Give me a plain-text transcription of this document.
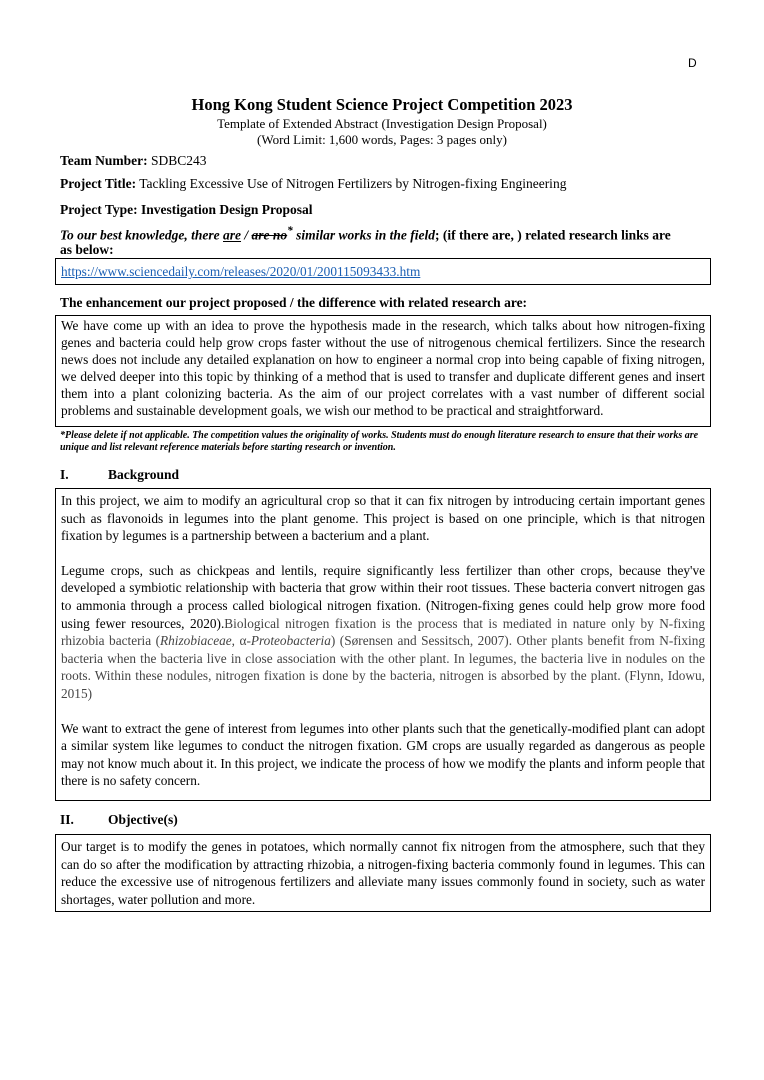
D
Hong Kong Student Science Project Competition 2023
Template of Extended Abstract (Investigation Design Proposal)
(Word Limit: 1,600 words, Pages: 3 pages only)
Team Number: SDBC243
Project Title: Tackling Excessive Use of Nitrogen Fertilizers by Nitrogen-fixing Engineering
Project Type: Investigation Design Proposal
To our best knowledge, there are / are no* similar works in the field; (if there are, ) related research links are
as below:
https://www.sciencedaily.com/releases/2020/01/200115093433.htm
The enhancement our project proposed / the difference with related research are:

We have come up with an idea to prove the hypothesis made in the research, which talks about how nitrogen-fixing genes and bacteria could help grow crops faster without the use of nitrogenous chemical fertilizers. Since the research news does not include any detailed explanation on how to engineer a normal crop into being capable of fixing nitrogen, we delved deeper into this topic by thinking of a method that is used to transfer and duplicate different genes and insert them into a plant colonizing bacteria. As the aim of our project correlates with a vast number of different social problems and sustainable development goals, we wish our method to be practical and straightforward.

*Please delete if not applicable. The competition values the originality of works. Students must do enough literature research to ensure that their works are unique and list relevant reference materials before starting research or invention.
I.	Background

In this project, we aim to modify an agricultural crop so that it can fix nitrogen by introducing certain important genes such as flavonoids in legumes into the plant genome. This project is based on one principle, which is that nitrogen fixation by legumes is a partnership between a bacterium and a plant.

Legume crops, such as chickpeas and lentils, require significantly less fertilizer than other crops, because they've developed a symbiotic relationship with bacteria that grow within their root tissues. These bacteria convert nitrogen gas to ammonia through a process called biological nitrogen fixation. (Nitrogen-fixing genes could help grow more food using fewer resources, 2020).Biological nitrogen fixation is the process that is mediated in nature only by N-fixing rhizobia bacteria (Rhizobiaceae, α-Proteobacteria) (Sørensen and Sessitsch, 2007). Other plants benefit from N-fixing bacteria when the bacteria live in close association with the other plant. In legumes, the bacteria live in nodules on the roots. Within these nodules, nitrogen fixation is done by the bacteria, nitrogen is absorbed by the plant. (Flynn, Idowu, 2015)

We want to extract the gene of interest from legumes into other plants such that the genetically-modified plant can adopt a similar system like legumes to conduct the nitrogen fixation. GM crops are usually regarded as dangerous as people may not know much about it. In this project, we indicate the process of how we modify the plants and inform people that there is no safety concern.

II.	Objective(s)

Our target is to modify the genes in potatoes, which normally cannot fix nitrogen from the atmosphere, such that they can do so after the modification by attracting rhizobia, a nitrogen-fixing bacteria commonly found in legumes. This can reduce the excessive use of nitrogenous fertilizers and alleviate many issues commonly found in society, such as water shortages, water pollution and more.
